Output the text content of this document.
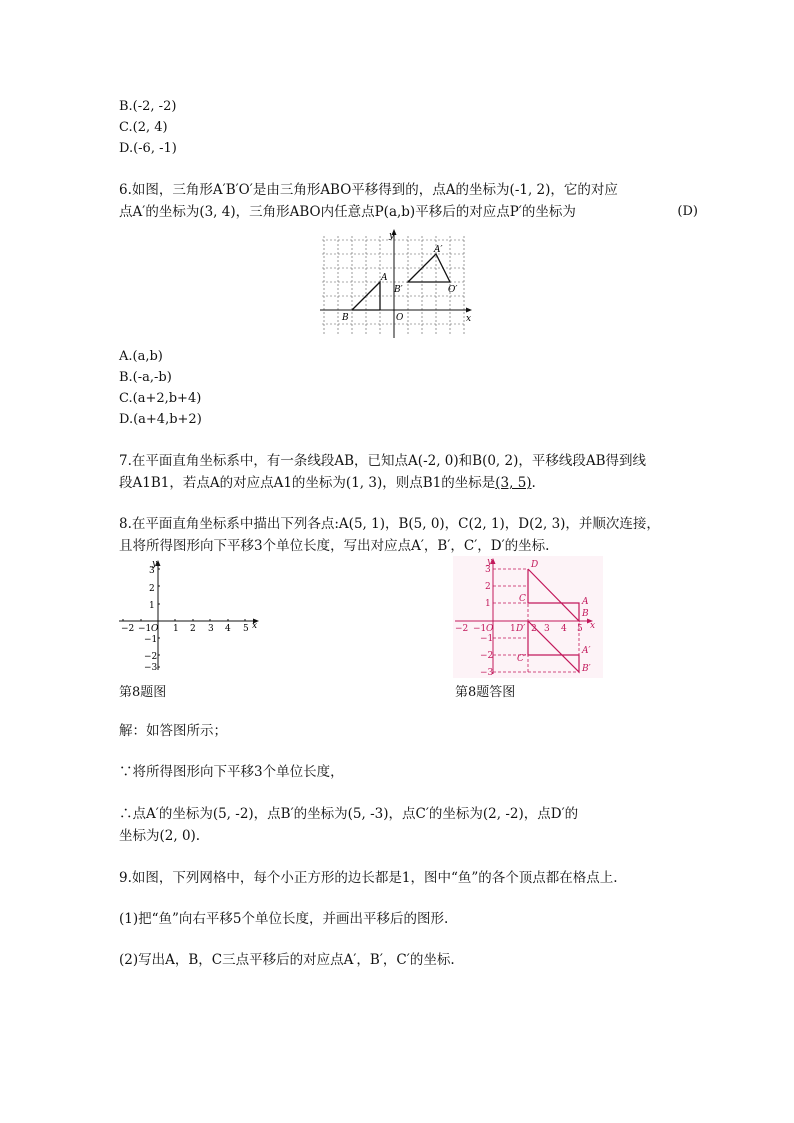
B.(-2, -2)
C.(2, 4)
D.(-6, -1)
6.如图，三角形A′B′O′是由三角形ABO平移得到的，点A的坐标为(-1, 2)，它的对应
点A′的坐标为(3, 4)，三角形ABO内任意点P(a,b)平移后的对应点P′的坐标为	(D)
y
x
A
B	O
A′
B′	O′
A.(a,b)
B.(-a,-b)
C.(a+2,b+4)
D.(a+4,b+2)
7.在平面直角坐标系中，有一条线段AB，已知点A(-2, 0)和B(0, 2)，平移线段AB得到线
段A1B1，若点A的对应点A1的坐标为(1, 3)，则点B1的坐标是(3, 5).
8.在平面直角坐标系中描出下列各点:A(5, 1)，B(5, 0)，C(2, 1)，D(2, 3)，并顺次连接，
且将所得图形向下平移3个单位长度，写出对应点A′，B′，C′，D′的坐标.
x
y
−2 −1 O 1 2 3 4 5
3
2
1
−1
−2
−3
−2 −1 O 1 2 3 4 5
3
2
1
−1
−2
−3
x
y	D
C	A
B
D′
C′
A′
B′
第8题图	第8题答图
解：如答图所示；
∵将所得图形向下平移3个单位长度，
∴点A′的坐标为(5, -2)，点B′的坐标为(5, -3)，点C′的坐标为(2, -2)，点D′的
坐标为(2, 0).
9.如图，下列网格中，每个小正方形的边长都是1，图中“鱼”的各个顶点都在格点上.
(1)把“鱼”向右平移5个单位长度，并画出平移后的图形.
(2)写出A，B，C三点平移后的对应点A′，B′，C′的坐标.
